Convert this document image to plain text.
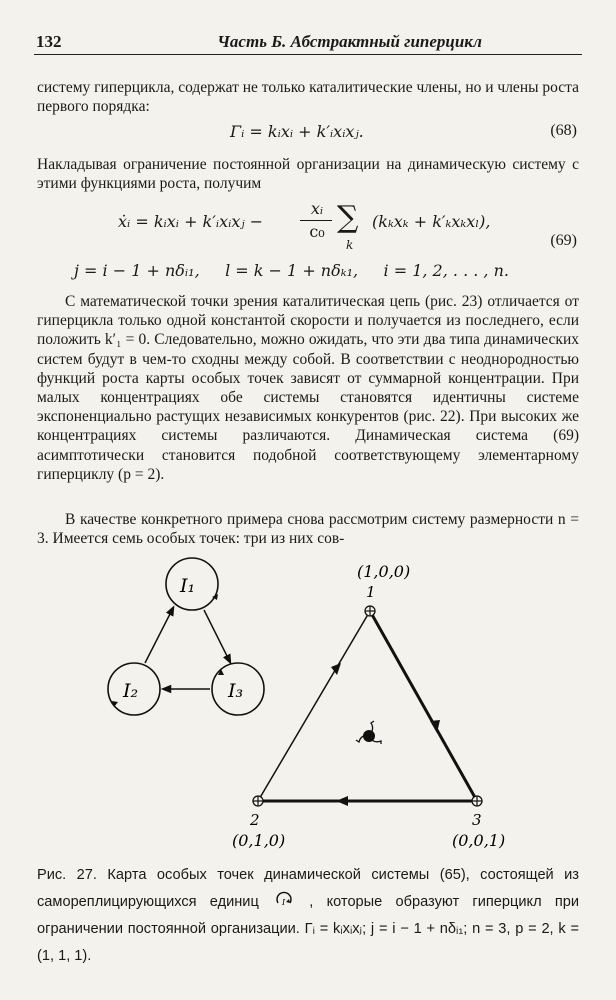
132	Часть Б. Абстрактный гиперцикл
систему гиперцикла, содержат не только каталитические члены, но и члены роста первого порядка:
Γᵢ = kᵢxᵢ + k′ᵢxᵢxⱼ.	(68)
Накладывая ограничение постоянной организации на динамическую систему с этими функциями роста, получим
ẋᵢ = kᵢxᵢ + k′ᵢxᵢxⱼ −
xᵢ
c₀ ∑
k
(kₖxₖ + k′ₖxₖxₗ),
(69)
j = i − 1 + nδᵢ₁,     l = k − 1 + nδₖ₁,     i = 1, 2, . . . , n.
С математической точки зрения каталитическая цепь (рис. 23) отличается от гиперцикла только одной константой скорости и получается из последнего, если положить k′₁ = 0. Следовательно, можно ожидать, что эти два типа динамических систем будут в чем-то сходны между собой. В соответствии с неоднородностью функций роста карты особых точек зависят от суммарной концентрации. При малых концентрациях обе системы становятся идентичны системе экспоненциально растущих независимых конкурентов (рис. 22). При высоких же концентрациях системы различаются. Динамическая система (69) асимптотически становится подобной соответствующему элементарному гиперциклу (p = 2).
В качестве конкретного примера снова рассмотрим систему размерности n = 3. Имеется семь особых точек: три из них сов-
I₁
I₂	I₃
(1,0,0)
1
2
(0,1,0)
3
(0,0,1)
Рис. 27. Карта особых точек динамической системы (65), состоящей из самореплицирующихся единиц	I , которые образуют гиперцикл при ограничении постоянной организации. Γᵢ = kᵢxᵢxⱼ; j = i − 1 + nδᵢ₁; n = 3, p = 2, k = (1, 1, 1).
